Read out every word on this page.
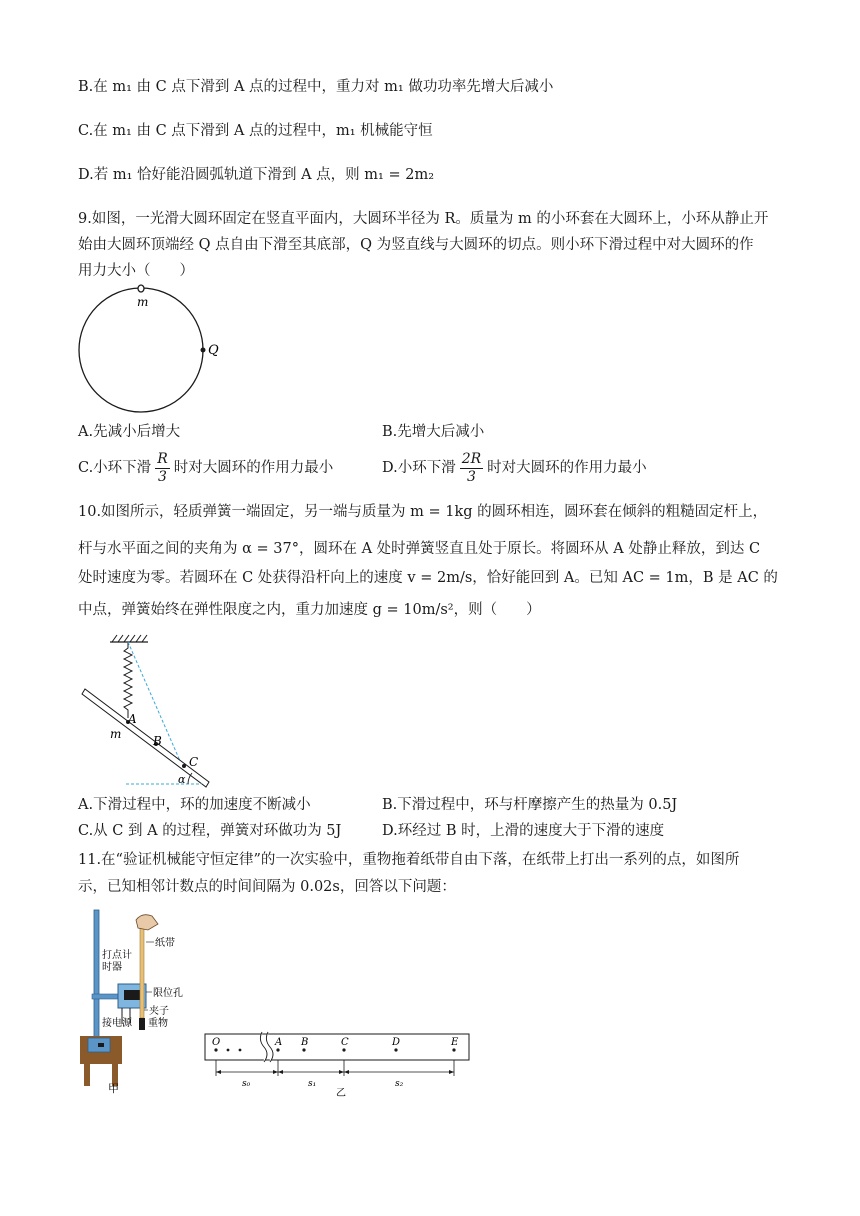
B.在 m₁ 由 C 点下滑到 A 点的过程中，重力对 m₁ 做功功率先增大后减小
C.在 m₁ 由 C 点下滑到 A 点的过程中，m₁ 机械能守恒
D.若 m₁ 恰好能沿圆弧轨道下滑到 A 点，则 m₁ = 2m₂
9.如图，一光滑大圆环固定在竖直平面内，大圆环半径为 R。质量为 m 的小环套在大圆环上，小环从静止开
始由大圆环顶端经 Q 点自由下滑至其底部，Q 为竖直线与大圆环的切点。则小环下滑过程中对大圆环的作
用力大小（　　）
m
Q
A.先减小后增大	B.先增大后减小
C.小环下滑 $\frac{R}{3}$ 时对大圆环的作用力最小	D.小环下滑 $\frac{2R}{3}$ 时对大圆环的作用力最小
10.如图所示，轻质弹簧一端固定，另一端与质量为 m = 1kg 的圆环相连，圆环套在倾斜的粗糙固定杆上，
杆与水平面之间的夹角为 α = 37°，圆环在 A 处时弹簧竖直且处于原长。将圆环从 A 处静止释放，到达 C
处时速度为零。若圆环在 C 处获得沿杆向上的速度 v = 2m/s，恰好能回到 A。已知 AC = 1m，B 是 AC 的
中点，弹簧始终在弹性限度之内，重力加速度 g = 10m/s²，则（　　）
A
m	B
C
α
A.下滑过程中，环的加速度不断减小	B.下滑过程中，环与杆摩擦产生的热量为 0.5J
C.从 C 到 A 的过程，弹簧对环做功为 5J	D.环经过 B 时，上滑的速度大于下滑的速度
11.在“验证机械能守恒定律”的一次实验中，重物拖着纸带自由下落，在纸带上打出一系列的点，如图所
示，已知相邻计数点的时间间隔为 0.02s，回答以下问题：
纸带
打点计
时器
限位孔
夹子
接电源 重物
甲
O	A B	C	D	E
s₀	s₁	s₂
乙
